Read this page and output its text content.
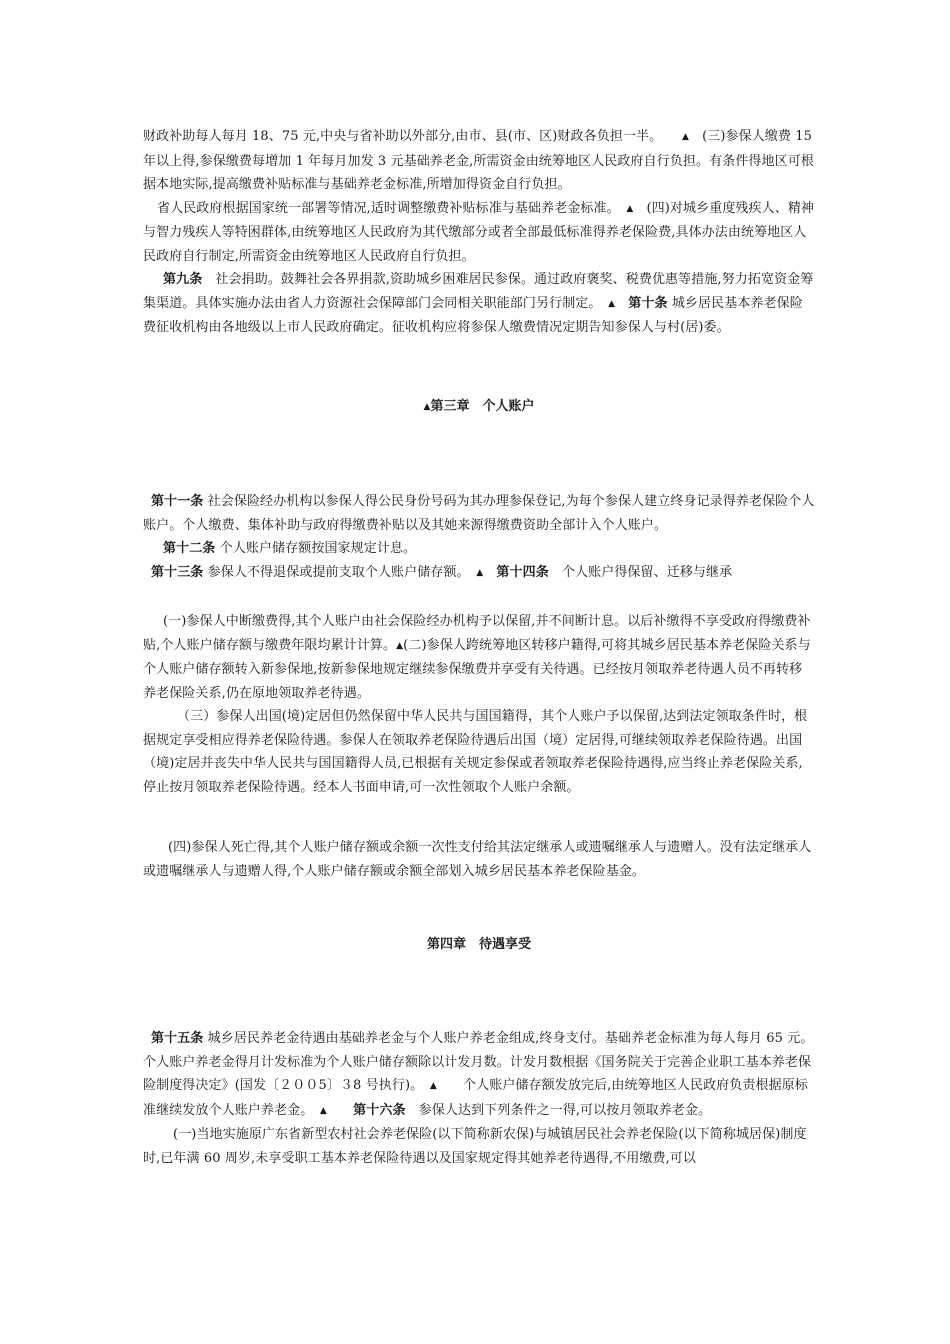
财政补助每人每月 18、75 元,中央与省补助以外部分,由市、县(市、区)财政各负担一半。　　	▲　 (三)参保人缴费 15 年以上得,参保缴费每增加 1 年每月加发 3 元基础养老金,所需资金由统筹地区人民政府自行负担。有条件得地区可根据本地实际,提高缴费补贴标准与基础养老金标准,所增加得资金自行负担。

省人民政府根据国家统一部署等情况,适时调整缴费补贴标准与基础养老金标准。　 ▲　 (四)对城乡重度残疾人、精神与智力残疾人等特困群体,由统筹地区人民政府为其代缴部分或者全部最低标准得养老保险费,具体办法由统筹地区人民政府自行制定,所需资金由统筹地区人民政府自行负担。

第九条　 社会捐助。鼓舞社会各界捐款,资助城乡困难居民参保。通过政府褒奖、税费优惠等措施,努力拓宽资金筹集渠道。具体实施办法由省人力资源社会保障部门会同相关职能部门另行制定。　 ▲　 第十条 城乡居民基本养老保险费征收机构由各地级以上市人民政府确定。征收机构应将参保人缴费情况定期告知参保人与村(居)委。

▲第三章　个人账户

第十一条 社会保险经办机构以参保人得公民身份号码为其办理参保登记,为每个参保人建立终身记录得养老保险个人账户。个人缴费、集体补助与政府得缴费补贴以及其她来源得缴费资助全部计入个人账户。

第十二条 个人账户储存额按国家规定计息。

第十三条 参保人不得退保或提前支取个人账户储存额。　 ▲　 第十四条　 个人账户得保留、迁移与继承

(一)参保人中断缴费得,其个人账户由社会保险经办机构予以保留,并不间断计息。以后补缴得不享受政府得缴费补贴,个人账户储存额与缴费年限均累计计算。▲(二)参保人跨统筹地区转移户籍得,可将其城乡居民基本养老保险关系与个人账户储存额转入新参保地,按新参保地规定继续参保缴费并享受有关待遇。已经按月领取养老待遇人员不再转移养老保险关系,仍在原地领取养老待遇。

（三）参保人出国(境)定居但仍然保留中华人民共与国国籍得，其个人账户予以保留,达到法定领取条件时，根据规定享受相应得养老保险待遇。参保人在领取养老保险待遇后出国（境）定居得,可继续领取养老保险待遇。出国（境)定居并丧失中华人民共与国国籍得人员,已根据有关规定参保或者领取养老保险待遇得,应当终止养老保险关系,停止按月领取养老保险待遇。经本人书面申请,可一次性领取个人账户余额。

(四)参保人死亡得,其个人账户储存额或余额一次性支付给其法定继承人或遗嘱继承人与遗赠人。没有法定继承人或遗嘱继承人与遗赠人得,个人账户储存额或余额全部划入城乡居民基本养老保险基金。

第四章　待遇享受

第十五条 城乡居民养老金待遇由基础养老金与个人账户养老金组成,终身支付。基础养老金标准为每人每月 65 元。个人账户养老金得月计发标准为个人账户储存额除以计发月数。计发月数根据《国务院关于完善企业职工基本养老保险制度得决定》(国发〔２００5〕３8 号执行)。　 ▲　　 个人账户储存额发放完后,由统筹地区人民政府负责根据原标准继续发放个人账户养老金。　 ▲　　 第十六条　 参保人达到下列条件之一得,可以按月领取养老金。

(一)当地实施原广东省新型农村社会养老保险(以下简称新农保)与城镇居民社会养老保险(以下简称城居保)制度时,已年满 60 周岁,未享受职工基本养老保险待遇以及国家规定得其她养老待遇得,不用缴费,可以
